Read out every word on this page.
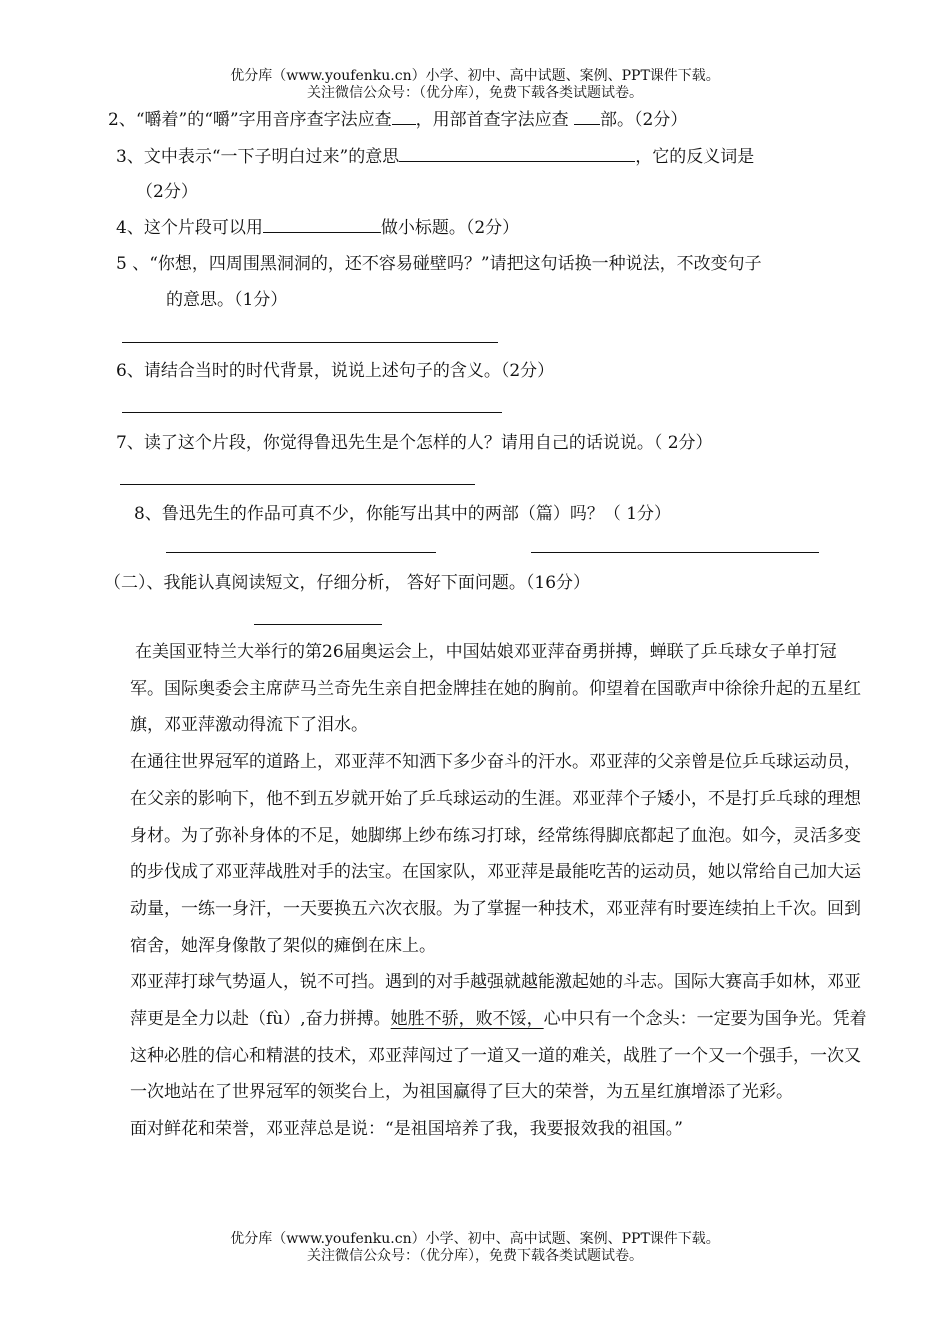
优分库（www.youfenku.cn）小学、初中、高中试题、案例、PPT课件下载。
关注微信公众号：（优分库），免费下载各类试题试卷。
2、“嚼着”的“嚼”字用音序查字法应查 ，用部首查字法应查 部。（2分）
3、文中表示“一下子明白过来”的意思	，它的反义词是
（2分）
4、这个片段可以用	做小标题。（2分）
5 、“你想，四周围黑洞洞的，还不容易碰壁吗？”请把这句话换一种说法，不改变句子
的意思。（1分）
6、请结合当时的时代背景，说说上述句子的含义。（2分）
7、读了这个片段，你觉得鲁迅先生是个怎样的人？请用自己的话说说。（ 2分）
8、鲁迅先生的作品可真不少，你能写出其中的两部（篇）吗？（ 1分）
（二）、我能认真阅读短文，仔细分析， 答好下面问题。（16分）

在美国亚特兰大举行的第26届奥运会上，中国姑娘邓亚萍奋勇拼搏，蝉联了乒乓球女子单打冠军。国际奥委会主席萨马兰奇先生亲自把金牌挂在她的胸前。仰望着在国歌声中徐徐升起的五星红旗，邓亚萍激动得流下了泪水。

在通往世界冠军的道路上，邓亚萍不知洒下多少奋斗的汗水。邓亚萍的父亲曾是位乒乓球运动员，在父亲的影响下，他不到五岁就开始了乒乓球运动的生涯。邓亚萍个子矮小，不是打乒乓球的理想身材。为了弥补身体的不足，她脚绑上纱布练习打球，经常练得脚底都起了血泡。如今，灵活多变的步伐成了邓亚萍战胜对手的法宝。在国家队，邓亚萍是最能吃苦的运动员，她以常给自己加大运动量，一练一身汗，一天要换五六次衣服。为了掌握一种技术，邓亚萍有时要连续拍上千次。回到宿舍，她浑身像散了架似的瘫倒在床上。

邓亚萍打球气势逼人，锐不可挡。遇到的对手越强就越能激起她的斗志。国际大赛高手如林，邓亚萍更是全力以赴（fù）,奋力拼搏。她胜不骄，败不馁，心中只有一个念头：一定要为国争光。凭着这种必胜的信心和精湛的技术，邓亚萍闯过了一道又一道的难关，战胜了一个又一个强手，一次又一次地站在了世界冠军的领奖台上，为祖国赢得了巨大的荣誉，为五星红旗增添了光彩。

面对鲜花和荣誉，邓亚萍总是说：“是祖国培养了我，我要报效我的祖国。”

优分库（www.youfenku.cn）小学、初中、高中试题、案例、PPT课件下载。
关注微信公众号：（优分库），免费下载各类试题试卷。
